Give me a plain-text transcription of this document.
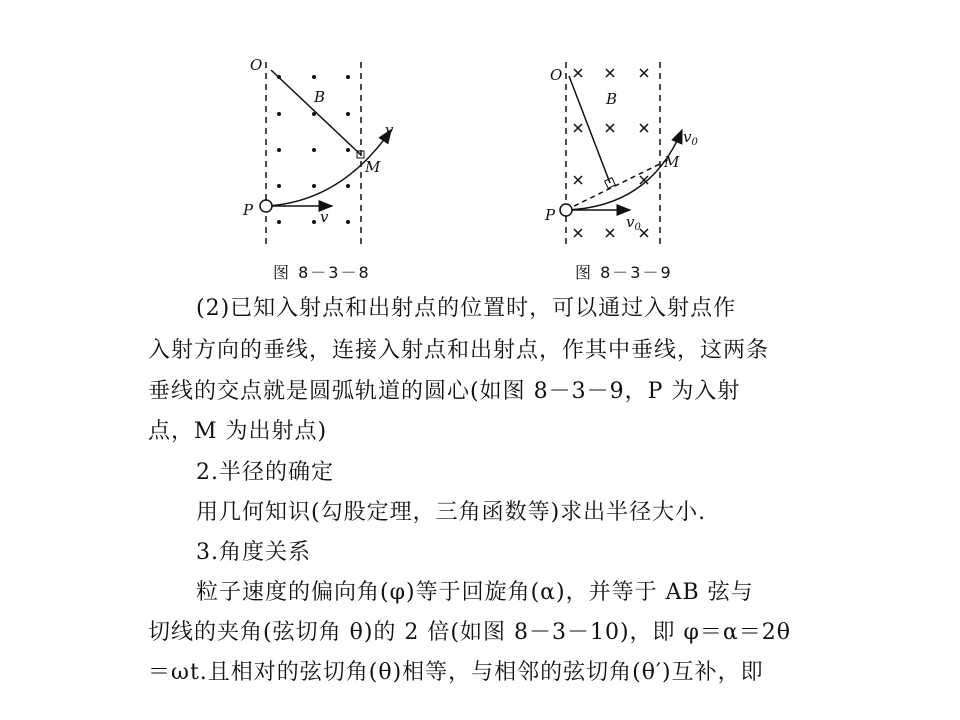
O
B
v
M
P	v
图 8－3－8
O
B
$v_0$
M
P	$v_0$
图 8－3－9
(2)已知入射点和出射点的位置时，可以通过入射点作
入射方向的垂线，连接入射点和出射点，作其中垂线，这两条
垂线的交点就是圆弧轨道的圆心(如图 8－3－9，P 为入射
点，M 为出射点)
2.半径的确定
用几何知识(勾股定理，三角函数等)求出半径大小.
3.角度关系
粒子速度的偏向角(φ)等于回旋角(α)，并等于 AB 弦与
切线的夹角(弦切角 θ)的 2 倍(如图 8－3－10)，即 φ＝α＝2θ
＝ωt.且相对的弦切角(θ)相等，与相邻的弦切角(θ′)互补，即
